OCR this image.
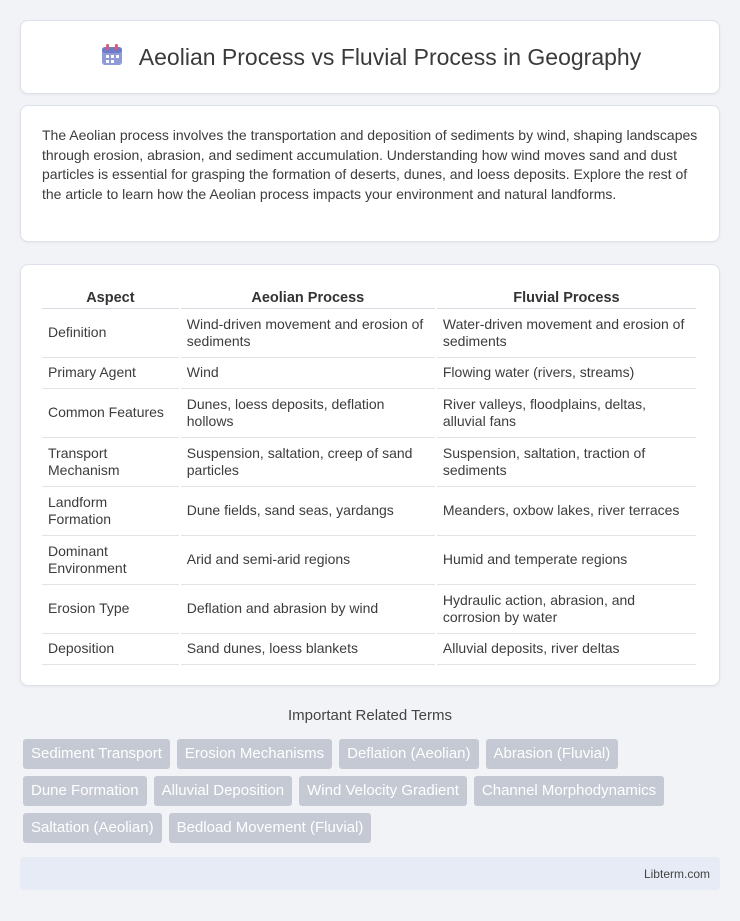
Aeolian Process vs Fluvial Process in Geography

The Aeolian process involves the transportation and deposition of sediments by wind, shaping landscapes through erosion, abrasion, and sediment accumulation. Understanding how wind moves sand and dust particles is essential for grasping the formation of deserts, dunes, and loess deposits. Explore the rest of the article to learn how the Aeolian process impacts your environment and natural landforms.

Aspect	Aeolian Process	Fluvial Process
Definition	Wind-driven movement and erosion of sediments	Water-driven movement and erosion of sediments
Primary Agent	Wind	Flowing water (rivers, streams)
Common Features	Dunes, loess deposits, deflation hollows	River valleys, floodplains, deltas, alluvial fans
Transport Mechanism	Suspension, saltation, creep of sand particles	Suspension, saltation, traction of sediments
Landform Formation	Dune fields, sand seas, yardangs	Meanders, oxbow lakes, river terraces
Dominant Environment	Arid and semi-arid regions	Humid and temperate regions
Erosion Type	Deflation and abrasion by wind	Hydraulic action, abrasion, and corrosion by water
Deposition	Sand dunes, loess blankets	Alluvial deposits, river deltas
Important Related Terms
Sediment Transport	Erosion Mechanisms	Deflation (Aeolian)	Abrasion (Fluvial)
Dune Formation	Alluvial Deposition	Wind Velocity Gradient	Channel Morphodynamics
Saltation (Aeolian)	Bedload Movement (Fluvial)
Libterm.com
